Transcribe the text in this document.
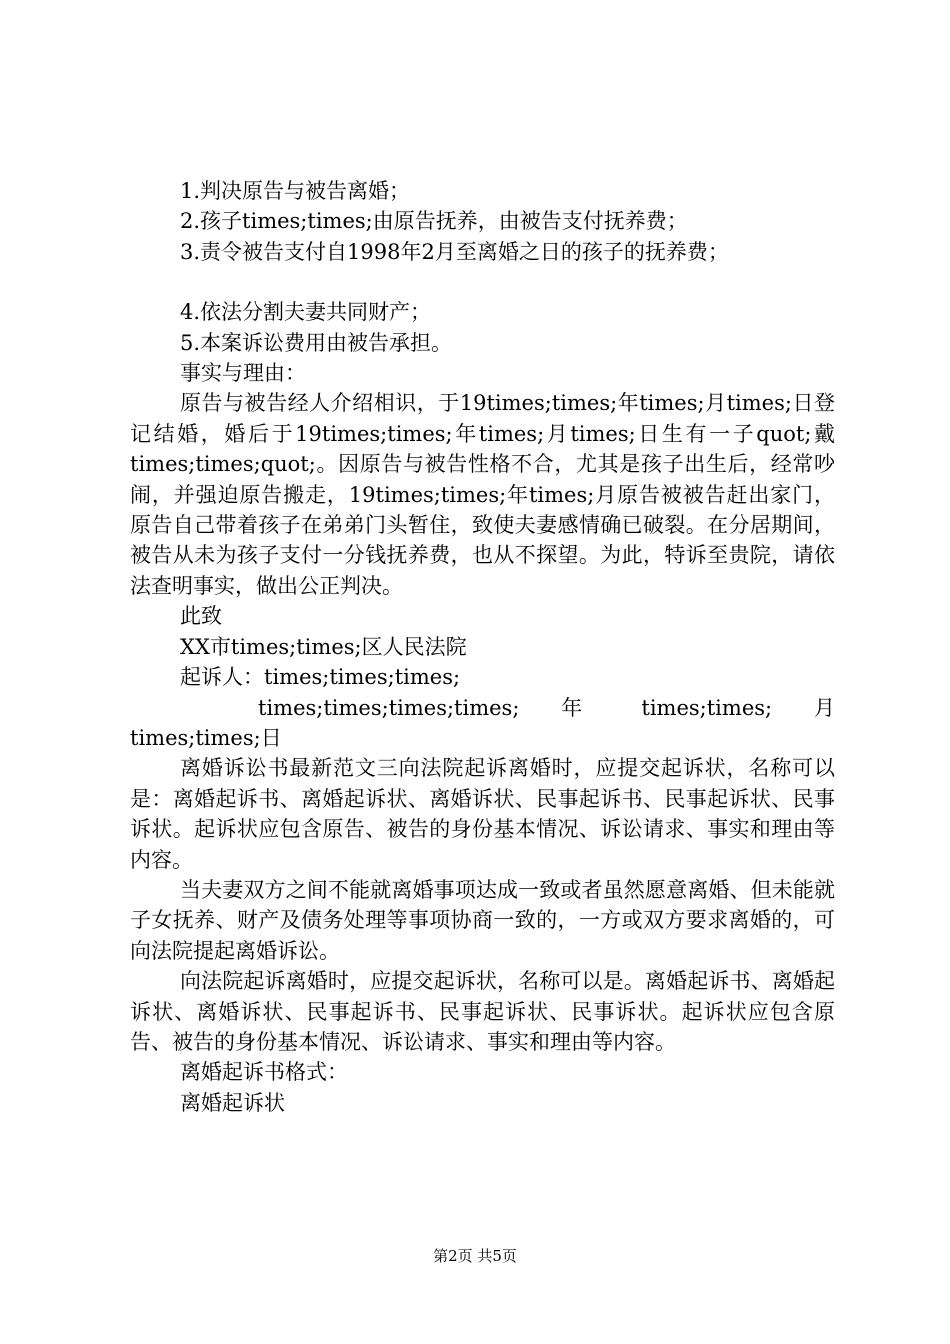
1.判决原告与被告离婚；

2.孩子times;times;由原告抚养，由被告支付抚养费；

3.责令被告支付自1998年2月至离婚之日的孩子的抚养费；

4.依法分割夫妻共同财产；

5.本案诉讼费用由被告承担。

事实与理由：

原告与被告经人介绍相识，于19times;times;年times;月times;日登记结婚，婚后于19times;times;年times;月times;日生有一子quot;戴times;times;quot;。因原告与被告性格不合，尤其是孩子出生后，经常吵闹，并强迫原告搬走，19times;times;年times;月原告被被告赶出家门，原告自己带着孩子在弟弟门头暂住，致使夫妻感情确已破裂。在分居期间，被告从未为孩子支付一分钱抚养费，也从不探望。为此，特诉至贵院，请依法查明事实，做出公正判决。

此致

XX市times;times;区人民法院

起诉人：times;times;times;

times;times;times;times; 年 times;times; 月times;times;日

离婚诉讼书最新范文三向法院起诉离婚时，应提交起诉状，名称可以是：离婚起诉书、离婚起诉状、离婚诉状、民事起诉书、民事起诉状、民事诉状。起诉状应包含原告、被告的身份基本情况、诉讼请求、事实和理由等内容。

当夫妻双方之间不能就离婚事项达成一致或者虽然愿意离婚、但未能就子女抚养、财产及债务处理等事项协商一致的，一方或双方要求离婚的，可向法院提起离婚诉讼。

向法院起诉离婚时，应提交起诉状，名称可以是。离婚起诉书、离婚起诉状、离婚诉状、民事起诉书、民事起诉状、民事诉状。起诉状应包含原告、被告的身份基本情况、诉讼请求、事实和理由等内容。

离婚起诉书格式：

离婚起诉状

第2页 共5页
